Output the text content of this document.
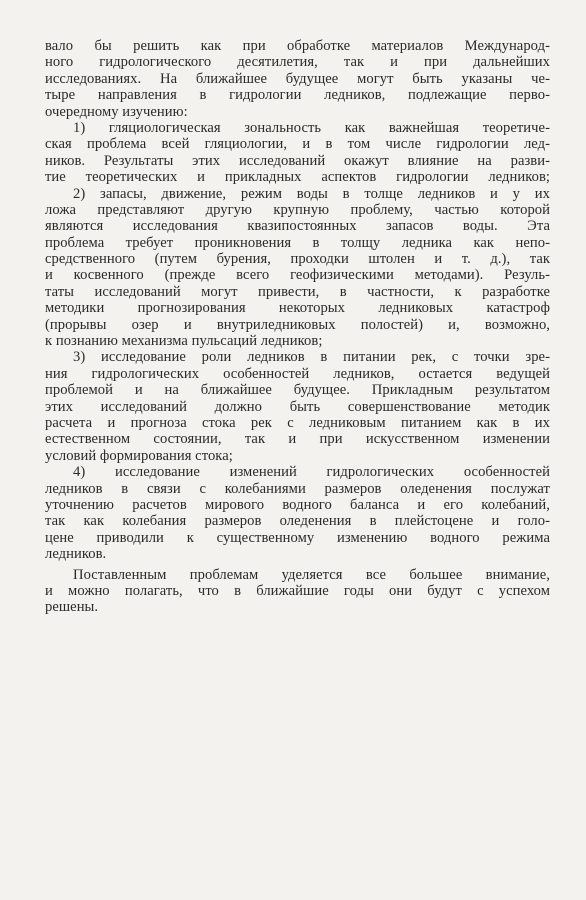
вало бы решить как при обработке материалов Международ-
ного гидрологического десятилетия, так и при дальнейших
исследованиях. На ближайшее будущее могут быть указаны че-
тыре направления в гидрологии ледников, подлежащие перво-
очередному изучению:
1) гляциологическая зональность как важнейшая теоретиче-
ская проблема всей гляциологии, и в том числе гидрологии лед-
ников. Результаты этих исследований окажут влияние на разви-
тие теоретических и прикладных аспектов гидрологии ледников;
2) запасы, движение, режим воды в толще ледников и у их
ложа представляют другую крупную проблему, частью которой
являются исследования квазипостоянных запасов воды. Эта
проблема требует проникновения в толщу ледника как непо-
средственного (путем бурения, проходки штолен и т. д.), так
и косвенного (прежде всего геофизическими методами). Резуль-
таты исследований могут привести, в частности, к разработке
методики прогнозирования некоторых ледниковых катастроф
(прорывы озер и внутриледниковых полостей) и, возможно,
к познанию механизма пульсаций ледников;
3) исследование роли ледников в питании рек, с точки зре-
ния гидрологических особенностей ледников, остается ведущей
проблемой и на ближайшее будущее. Прикладным результатом
этих исследований должно быть совершенствование методик
расчета и прогноза стока рек с ледниковым питанием как в их
естественном состоянии, так и при искусственном изменении
условий формирования стока;
4) исследование изменений гидрологических особенностей
ледников в связи с колебаниями размеров оледенения послужат
уточнению расчетов мирового водного баланса и его колебаний,
так как колебания размеров оледенения в плейстоцене и голо-
цене приводили к существенному изменению водного режима
ледников.
Поставленным проблемам уделяется все большее внимание,
и можно полагать, что в ближайшие годы они будут с успехом
решены.
